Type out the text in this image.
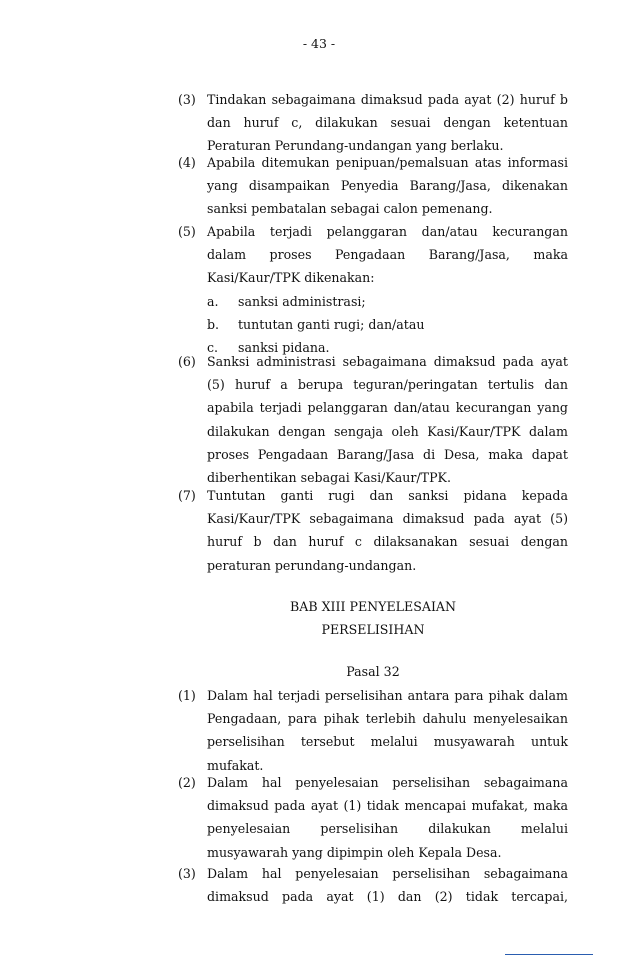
- 43 -
(3) Tindakan sebagaimana dimaksud pada ayat (2) huruf b dan huruf c, dilakukan sesuai dengan ketentuan Peraturan Perundang-undangan yang berlaku.
(4) Apabila ditemukan penipuan/pemalsuan atas informasi yang disampaikan Penyedia Barang/Jasa, dikenakan sanksi pembatalan sebagai calon pemenang.
(5) Apabila terjadi pelanggaran dan/atau kecurangan dalam proses Pengadaan Barang/Jasa, maka Kasi/Kaur/TPK dikenakan:
a. sanksi administrasi;
b. tuntutan ganti rugi; dan/atau
c. sanksi pidana.
(6) Sanksi administrasi sebagaimana dimaksud pada ayat (5) huruf a berupa teguran/peringatan tertulis dan apabila terjadi pelanggaran dan/atau kecurangan yang dilakukan dengan sengaja oleh Kasi/Kaur/TPK dalam proses Pengadaan Barang/Jasa di Desa, maka dapat diberhentikan sebagai Kasi/Kaur/TPK.
(7) Tuntutan ganti rugi dan sanksi pidana kepada Kasi/Kaur/TPK sebagaimana dimaksud pada ayat (5) huruf b dan huruf c dilaksanakan sesuai dengan peraturan perundang-undangan.
BAB XIII PENYELESAIAN
PERSELISIHAN
Pasal 32
(1) Dalam hal terjadi perselisihan antara para pihak dalam Pengadaan, para pihak terlebih dahulu menyelesaikan perselisihan tersebut melalui musyawarah untuk mufakat.
(2) Dalam hal penyelesaian perselisihan sebagaimana dimaksud pada ayat (1) tidak mencapai mufakat, maka penyelesaian perselisihan dilakukan melalui musyawarah yang dipimpin oleh Kepala Desa.
(3) Dalam hal penyelesaian perselisihan sebagaimana dimaksud pada ayat (1) dan (2) tidak tercapai,
